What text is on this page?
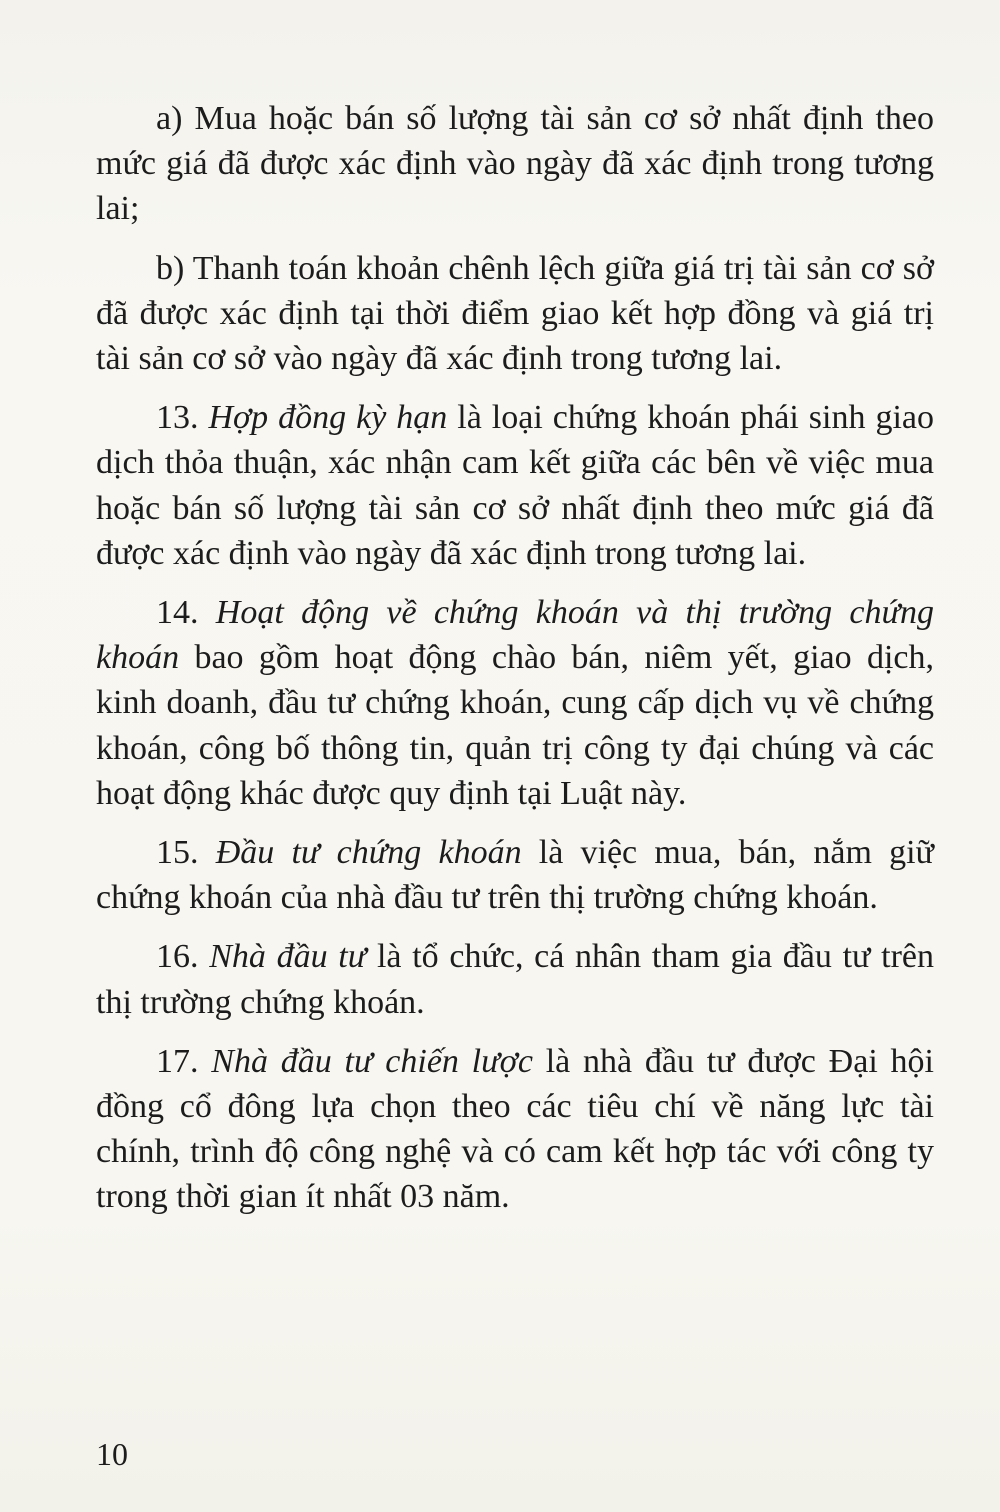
a) Mua hoặc bán số lượng tài sản cơ sở nhất định theo mức giá đã được xác định vào ngày đã xác định trong tương lai;

b) Thanh toán khoản chênh lệch giữa giá trị tài sản cơ sở đã được xác định tại thời điểm giao kết hợp đồng và giá trị tài sản cơ sở vào ngày đã xác định trong tương lai.

13. Hợp đồng kỳ hạn là loại chứng khoán phái sinh giao dịch thỏa thuận, xác nhận cam kết giữa các bên về việc mua hoặc bán số lượng tài sản cơ sở nhất định theo mức giá đã được xác định vào ngày đã xác định trong tương lai.

14. Hoạt động về chứng khoán và thị trường chứng khoán bao gồm hoạt động chào bán, niêm yết, giao dịch, kinh doanh, đầu tư chứng khoán, cung cấp dịch vụ về chứng khoán, công bố thông tin, quản trị công ty đại chúng và các hoạt động khác được quy định tại Luật này.

15. Đầu tư chứng khoán là việc mua, bán, nắm giữ chứng khoán của nhà đầu tư trên thị trường chứng khoán.

16. Nhà đầu tư là tổ chức, cá nhân tham gia đầu tư trên thị trường chứng khoán.

17. Nhà đầu tư chiến lược là nhà đầu tư được Đại hội đồng cổ đông lựa chọn theo các tiêu chí về năng lực tài chính, trình độ công nghệ và có cam kết hợp tác với công ty trong thời gian ít nhất 03 năm.

10
